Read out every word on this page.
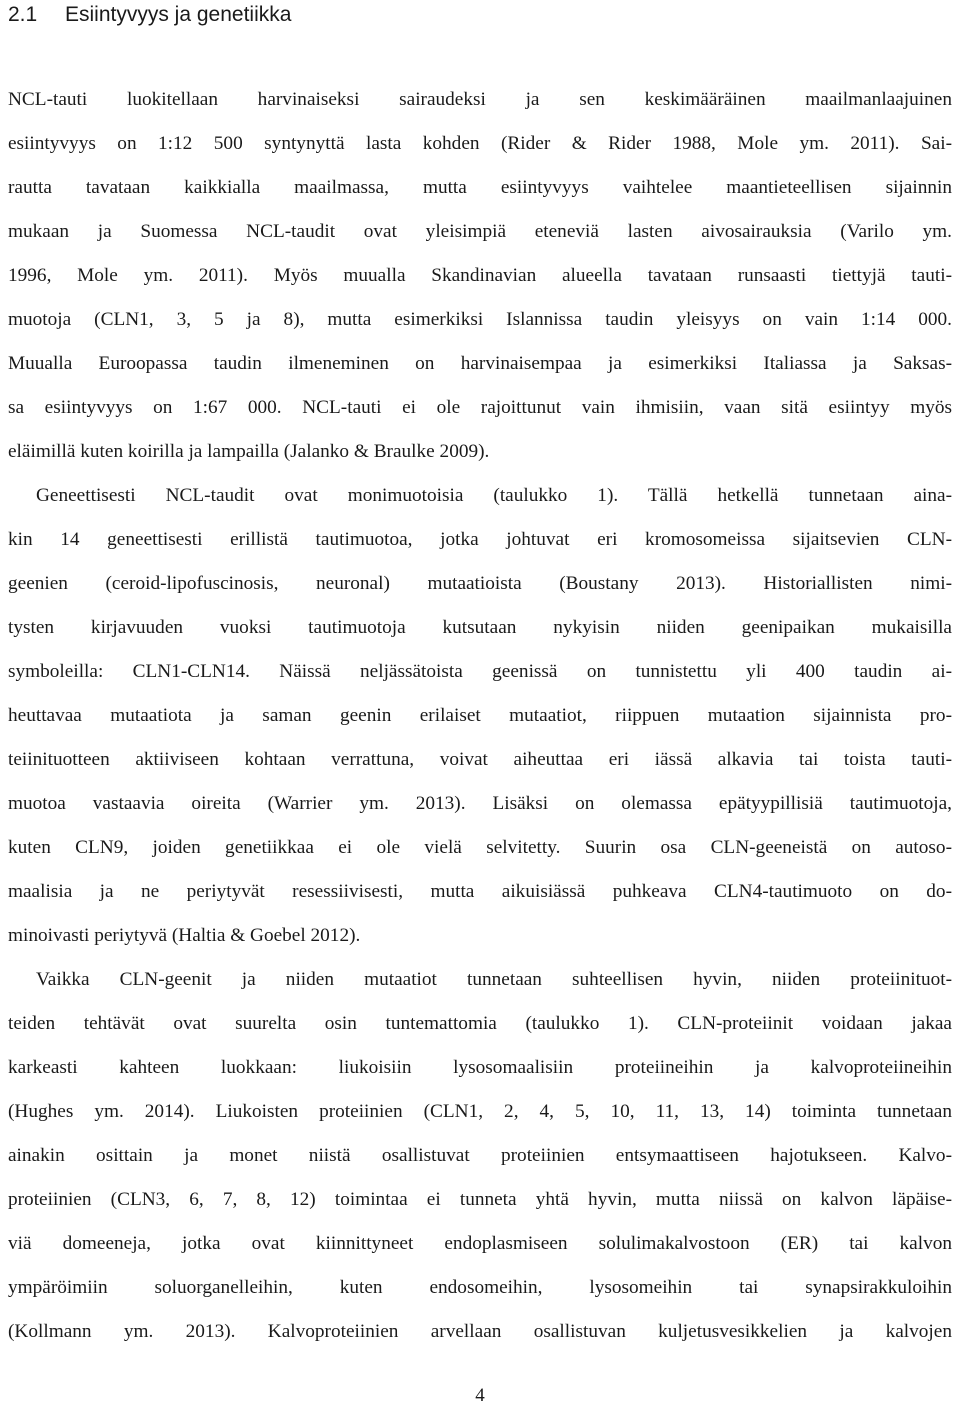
2.1 Esiintyvyys ja genetiikka
NCL-tauti luokitellaan harvinaiseksi sairaudeksi ja sen keskimääräinen maailmanlaajuinen
esiintyvyys on 1:12 500 syntynyttä lasta kohden (Rider & Rider 1988, Mole ym. 2011). Sai-
rautta tavataan kaikkialla maailmassa, mutta esiintyvyys vaihtelee maantieteellisen sijainnin
mukaan ja Suomessa NCL-taudit ovat yleisimpiä eteneviä lasten aivosairauksia (Varilo ym.
1996, Mole ym. 2011). Myös muualla Skandinavian alueella tavataan runsaasti tiettyjä tauti-
muotoja (CLN1, 3, 5 ja 8), mutta esimerkiksi Islannissa taudin yleisyys on vain 1:14 000.
Muualla Euroopassa taudin ilmeneminen on harvinaisempaa ja esimerkiksi Italiassa ja Saksas-
sa esiintyvyys on 1:67 000. NCL-tauti ei ole rajoittunut vain ihmisiin, vaan sitä esiintyy myös
eläimillä kuten koirilla ja lampailla (Jalanko & Braulke 2009).
Geneettisesti NCL-taudit ovat monimuotoisia (taulukko 1). Tällä hetkellä tunnetaan aina-
kin 14 geneettisesti erillistä tautimuotoa, jotka johtuvat eri kromosomeissa sijaitsevien CLN-
geenien (ceroid-lipofuscinosis, neuronal) mutaatioista (Boustany 2013). Historiallisten nimi-
tysten kirjavuuden vuoksi tautimuotoja kutsutaan nykyisin niiden geenipaikan mukaisilla
symboleilla: CLN1-CLN14. Näissä neljässätoista geenissä on tunnistettu yli 400 taudin ai-
heuttavaa mutaatiota ja saman geenin erilaiset mutaatiot, riippuen mutaation sijainnista pro-
teiinituotteen aktiiviseen kohtaan verrattuna, voivat aiheuttaa eri iässä alkavia tai toista tauti-
muotoa vastaavia oireita (Warrier ym. 2013). Lisäksi on olemassa epätyypillisiä tautimuotoja,
kuten CLN9, joiden genetiikkaa ei ole vielä selvitetty. Suurin osa CLN-geeneistä on autoso-
maalisia ja ne periytyvät resessiivisesti, mutta aikuisiässä puhkeava CLN4-tautimuoto on do-
minoivasti periytyvä (Haltia & Goebel 2012).
Vaikka CLN-geenit ja niiden mutaatiot tunnetaan suhteellisen hyvin, niiden proteiinituot-
teiden tehtävät ovat suurelta osin tuntemattomia (taulukko 1). CLN-proteiinit voidaan jakaa
karkeasti kahteen luokkaan: liukoisiin lysosomaalisiin proteiineihin ja kalvoproteiineihin
(Hughes ym. 2014). Liukoisten proteiinien (CLN1, 2, 4, 5, 10, 11, 13, 14) toiminta tunnetaan
ainakin osittain ja monet niistä osallistuvat proteiinien entsymaattiseen hajotukseen. Kalvo-
proteiinien (CLN3, 6, 7, 8, 12) toimintaa ei tunneta yhtä hyvin, mutta niissä on kalvon läpäise-
viä domeeneja, jotka ovat kiinnittyneet endoplasmiseen solulimakalvostoon (ER) tai kalvon
ympäröimiin soluorganelleihin, kuten endosomeihin, lysosomeihin tai synapsirakkuloihin
(Kollmann ym. 2013). Kalvoproteiinien arvellaan osallistuvan kuljetusvesikkelien ja kalvojen
4
